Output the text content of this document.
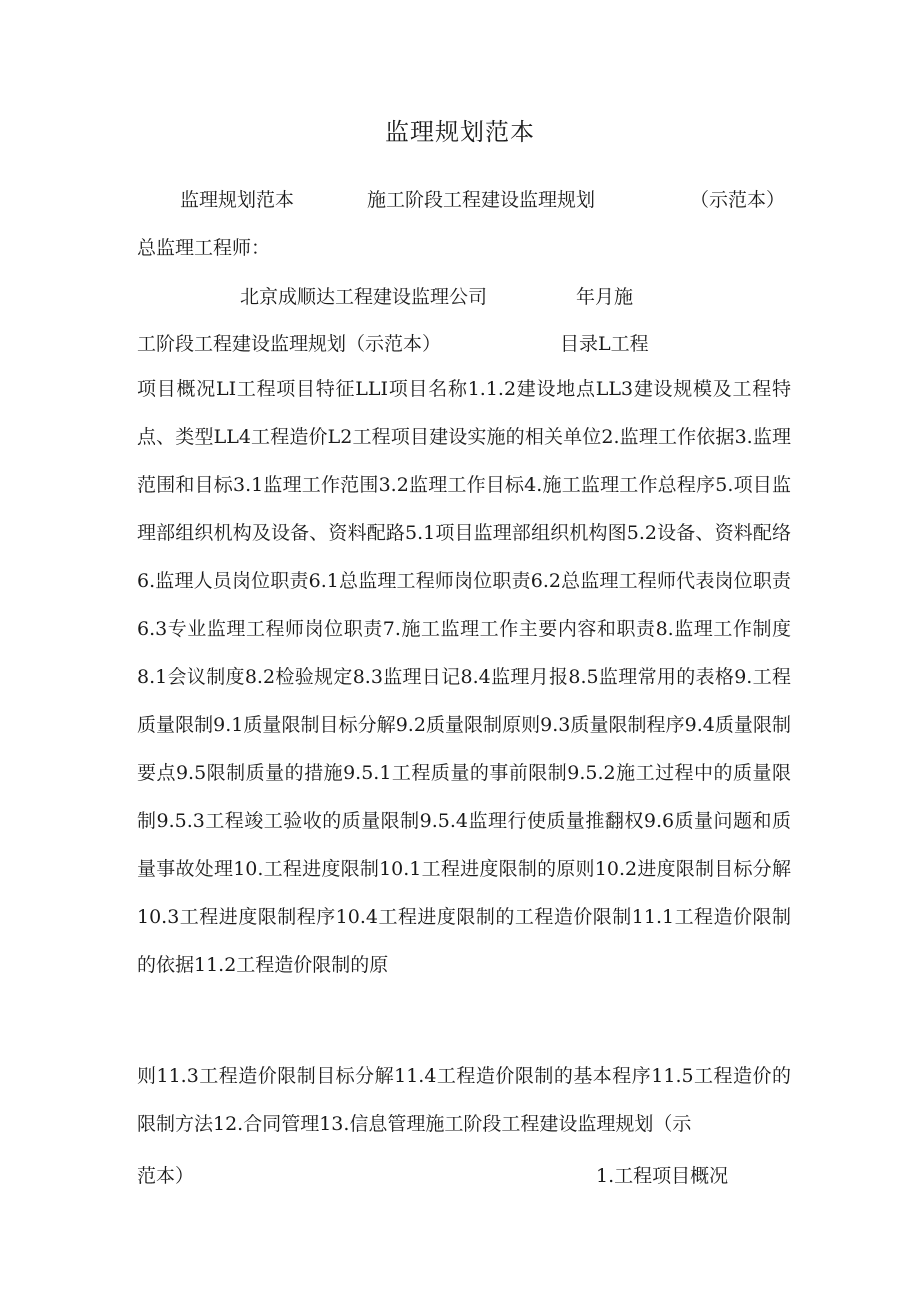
监理规划范本
监理规划范本	施工阶段工程建设监理规划	（示范本）
总监理工程师：
北京成顺达工程建设监理公司	年月施
工阶段工程建设监理规划（示范本）	目录L工程
项目概况LI工程项目特征LLI项目名称1.1.2建设地点LL3建设规模及工程特点、类型LL4工程造价L2工程项目建设实施的相关单位2.监理工作依据3.监理范围和目标3.1监理工作范围3.2监理工作目标4.施工监理工作总程序5.项目监理部组织机构及设备、资料配路5.1项目监理部组织机构图5.2设备、资料配络6.监理人员岗位职责6.1总监理工程师岗位职责6.2总监理工程师代表岗位职责6.3专业监理工程师岗位职责7.施工监理工作主要内容和职责8.监理工作制度8.1会议制度8.2检验规定8.3监理日记8.4监理月报8.5监理常用的表格9.工程质量限制9.1质量限制目标分解9.2质量限制原则9.3质量限制程序9.4质量限制要点9.5限制质量的措施9.5.1工程质量的事前限制9.5.2施工过程中的质量限制9.5.3工程竣工验收的质量限制9.5.4监理行使质量推翻权9.6质量问题和质量事故处理10.工程进度限制10.1工程进度限制的原则10.2进度限制目标分解10.3工程进度限制程序10.4工程进度限制的工程造价限制11.1工程造价限制的依据11.2工程造价限制的原
则11.3工程造价限制目标分解11.4工程造价限制的基本程序11.5工程造价的限制方法12.合同管理13.信息管理施工阶段工程建设监理规划（示
范本）	1.工程项目概况
